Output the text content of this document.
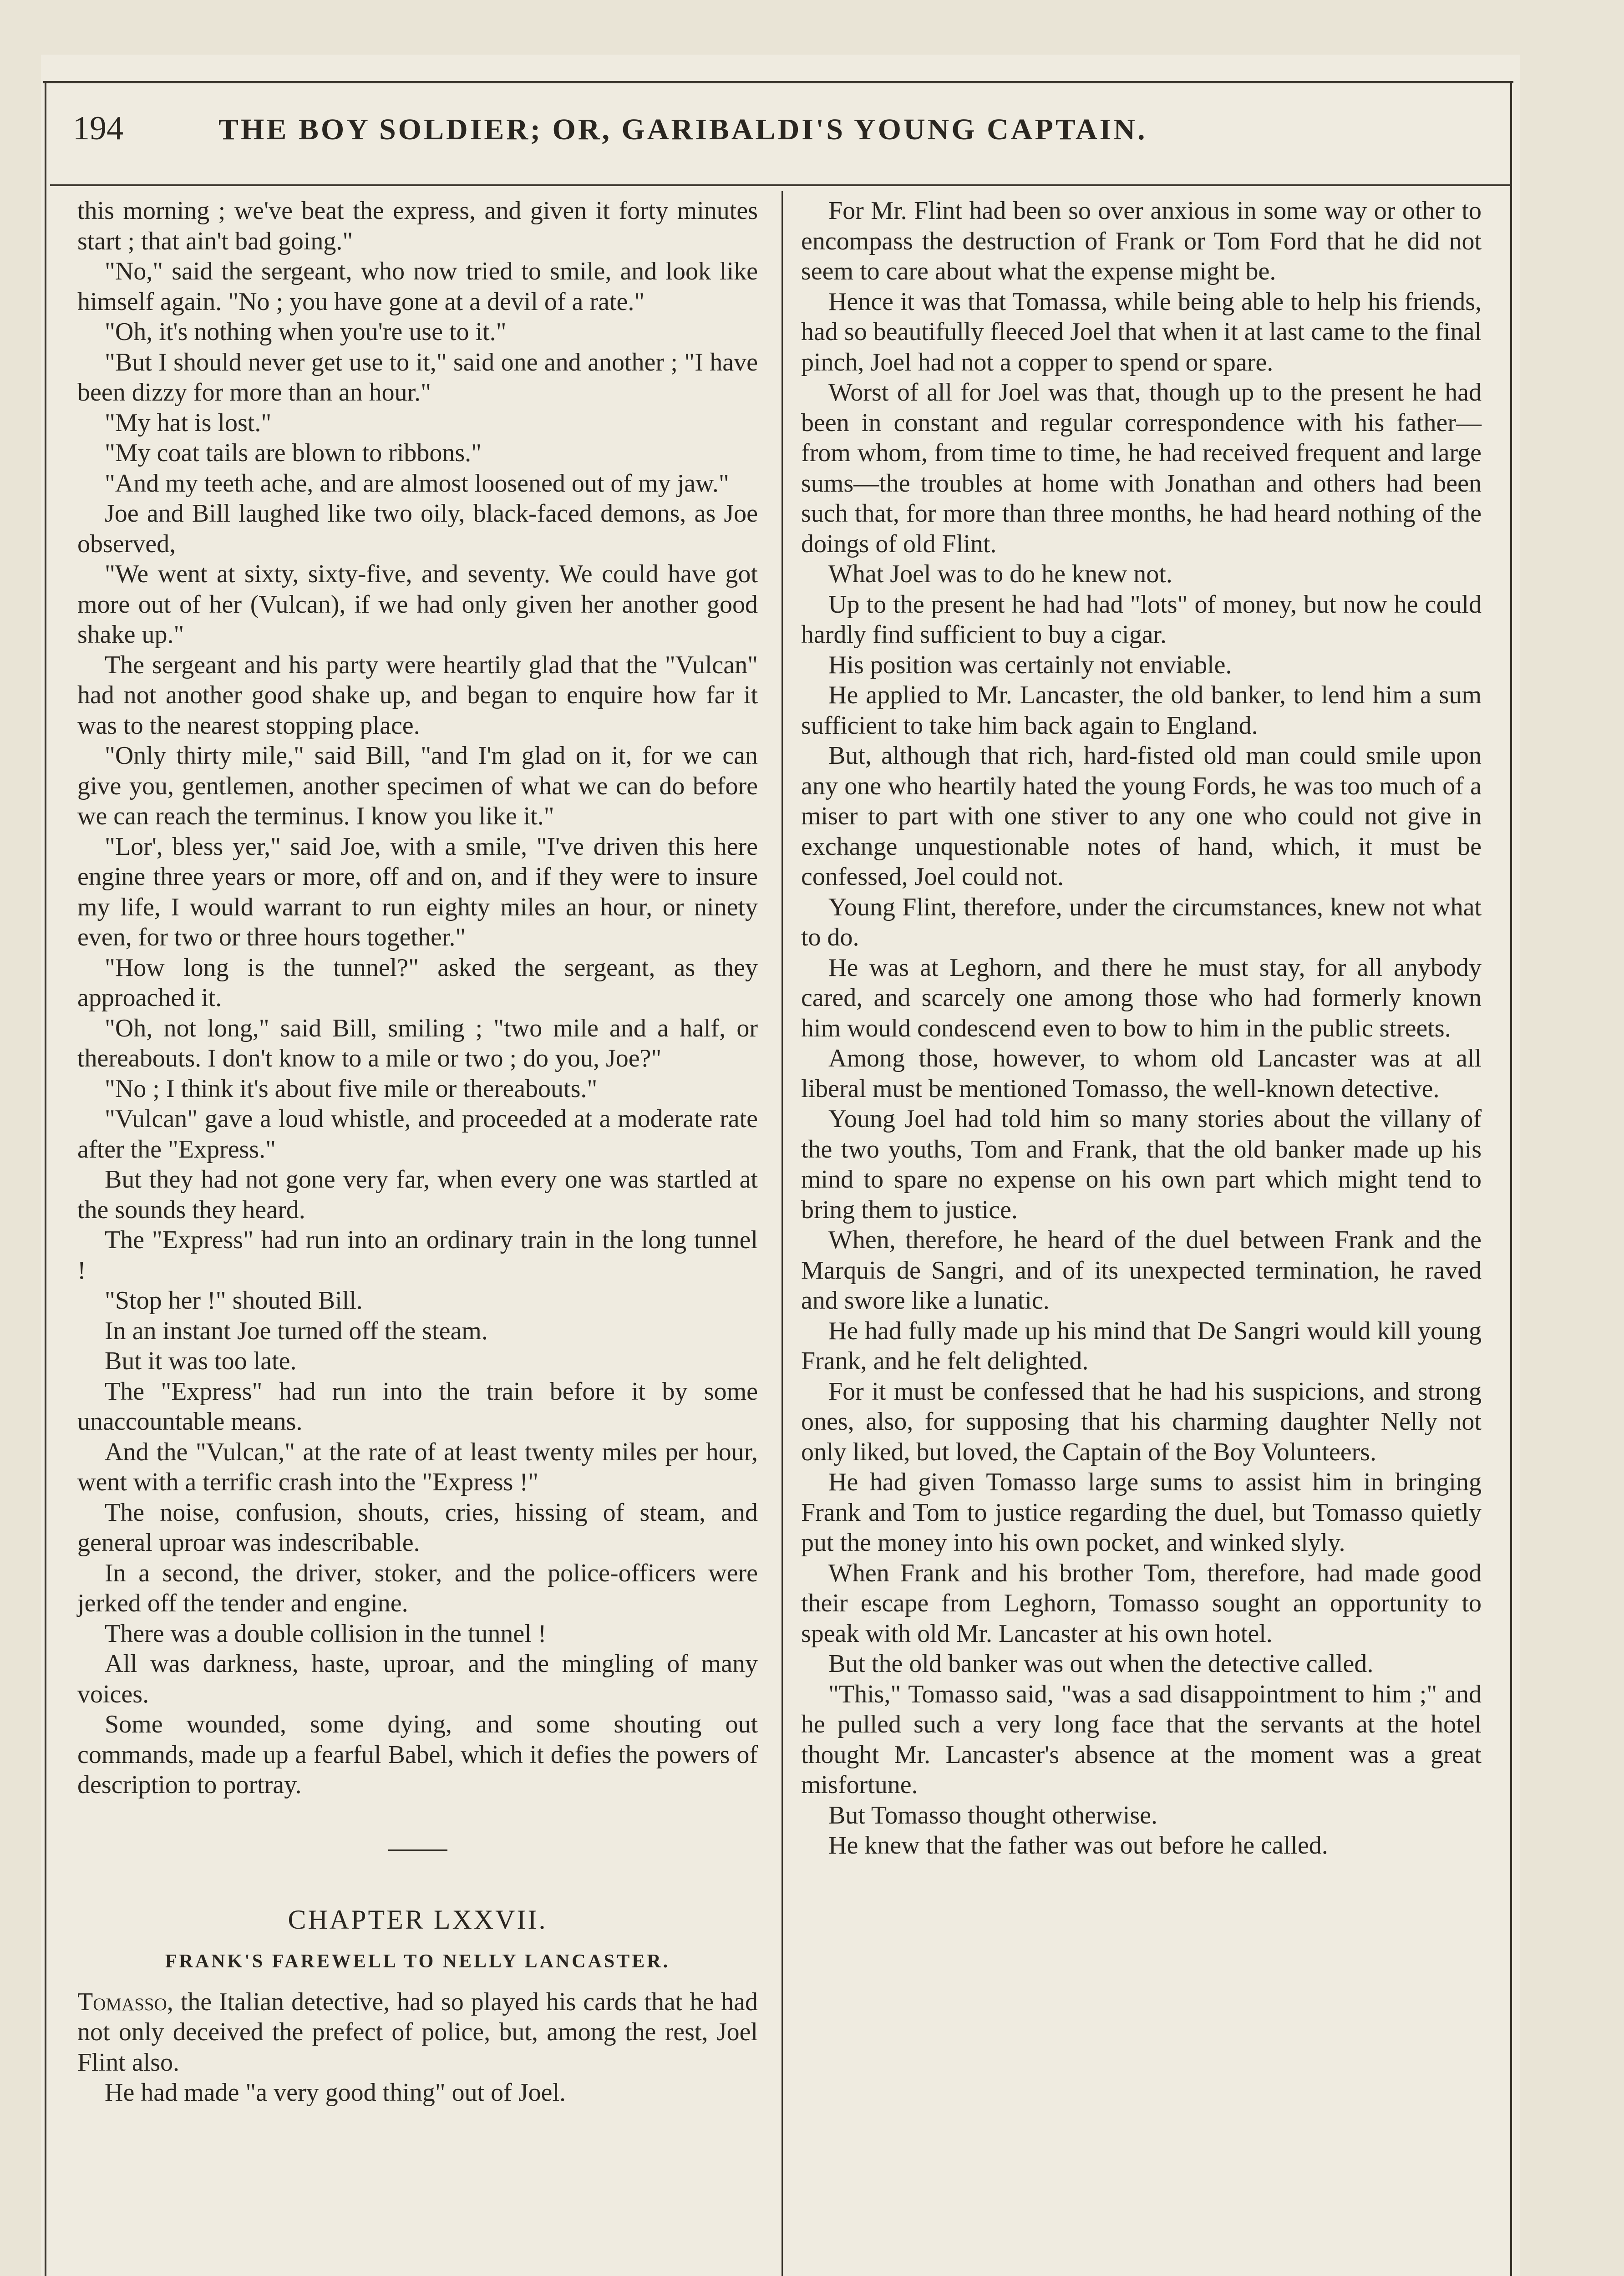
194	THE BOY SOLDIER; OR, GARIBALDI'S YOUNG CAPTAIN.

this morning ; we've beat the express, and given it forty minutes start ; that ain't bad going."

"No," said the sergeant, who now tried to smile, and look like himself again. "No ; you have gone at a devil of a rate."

"Oh, it's nothing when you're use to it."

"But I should never get use to it," said one and another ; "I have been dizzy for more than an hour."

"My hat is lost."

"My coat tails are blown to ribbons."

"And my teeth ache, and are almost loosened out of my jaw."

Joe and Bill laughed like two oily, black-faced demons, as Joe observed,

"We went at sixty, sixty-five, and seventy. We could have got more out of her (Vulcan), if we had only given her another good shake up."

The sergeant and his party were heartily glad that the "Vulcan" had not another good shake up, and began to enquire how far it was to the nearest stopping place.

"Only thirty mile," said Bill, "and I'm glad on it, for we can give you, gentlemen, another specimen of what we can do before we can reach the terminus. I know you like it."

"Lor', bless yer," said Joe, with a smile, "I've driven this here engine three years or more, off and on, and if they were to insure my life, I would warrant to run eighty miles an hour, or ninety even, for two or three hours together."

"How long is the tunnel?" asked the sergeant, as they approached it.

"Oh, not long," said Bill, smiling ; "two mile and a half, or thereabouts. I don't know to a mile or two ; do you, Joe?"

"No ; I think it's about five mile or thereabouts."

"Vulcan" gave a loud whistle, and proceeded at a moderate rate after the "Express."

But they had not gone very far, when every one was startled at the sounds they heard.

The "Express" had run into an ordinary train in the long tunnel !

"Stop her !" shouted Bill.

In an instant Joe turned off the steam.

But it was too late.

The "Express" had run into the train before it by some unaccountable means.

And the "Vulcan," at the rate of at least twenty miles per hour, went with a terrific crash into the "Express !"

The noise, confusion, shouts, cries, hissing of steam, and general uproar was indescribable.

In a second, the driver, stoker, and the police-officers were jerked off the tender and engine.

There was a double collision in the tunnel !

All was darkness, haste, uproar, and the mingling of many voices.

Some wounded, some dying, and some shouting out commands, made up a fearful Babel, which it defies the powers of description to portray.

CHAPTER LXXVII.
FRANK'S FAREWELL TO NELLY LANCASTER.

Tomasso, the Italian detective, had so played his cards that he had not only deceived the prefect of police, but, among the rest, Joel Flint also.

He had made "a very good thing" out of Joel.

For Mr. Flint had been so over anxious in some way or other to encompass the destruction of Frank or Tom Ford that he did not seem to care about what the expense might be.

Hence it was that Tomassa, while being able to help his friends, had so beautifully fleeced Joel that when it at last came to the final pinch, Joel had not a copper to spend or spare.

Worst of all for Joel was that, though up to the present he had been in constant and regular correspondence with his father—from whom, from time to time, he had received frequent and large sums—the troubles at home with Jonathan and others had been such that, for more than three months, he had heard nothing of the doings of old Flint.

What Joel was to do he knew not.

Up to the present he had had "lots" of money, but now he could hardly find sufficient to buy a cigar.

His position was certainly not enviable.

He applied to Mr. Lancaster, the old banker, to lend him a sum sufficient to take him back again to England.

But, although that rich, hard-fisted old man could smile upon any one who heartily hated the young Fords, he was too much of a miser to part with one stiver to any one who could not give in exchange unquestionable notes of hand, which, it must be confessed, Joel could not.

Young Flint, therefore, under the circumstances, knew not what to do.

He was at Leghorn, and there he must stay, for all anybody cared, and scarcely one among those who had formerly known him would condescend even to bow to him in the public streets.

Among those, however, to whom old Lancaster was at all liberal must be mentioned Tomasso, the well-known detective.

Young Joel had told him so many stories about the villany of the two youths, Tom and Frank, that the old banker made up his mind to spare no expense on his own part which might tend to bring them to justice.

When, therefore, he heard of the duel between Frank and the Marquis de Sangri, and of its unexpected termination, he raved and swore like a lunatic.

He had fully made up his mind that De Sangri would kill young Frank, and he felt delighted.

For it must be confessed that he had his suspicions, and strong ones, also, for supposing that his charming daughter Nelly not only liked, but loved, the Captain of the Boy Volunteers.

He had given Tomasso large sums to assist him in bringing Frank and Tom to justice regarding the duel, but Tomasso quietly put the money into his own pocket, and winked slyly.

When Frank and his brother Tom, therefore, had made good their escape from Leghorn, Tomasso sought an opportunity to speak with old Mr. Lancaster at his own hotel.

But the old banker was out when the detective called.

"This," Tomasso said, "was a sad disappointment to him ;" and he pulled such a very long face that the servants at the hotel thought Mr. Lancaster's absence at the moment was a great misfortune.

But Tomasso thought otherwise.

He knew that the father was out before he called.
